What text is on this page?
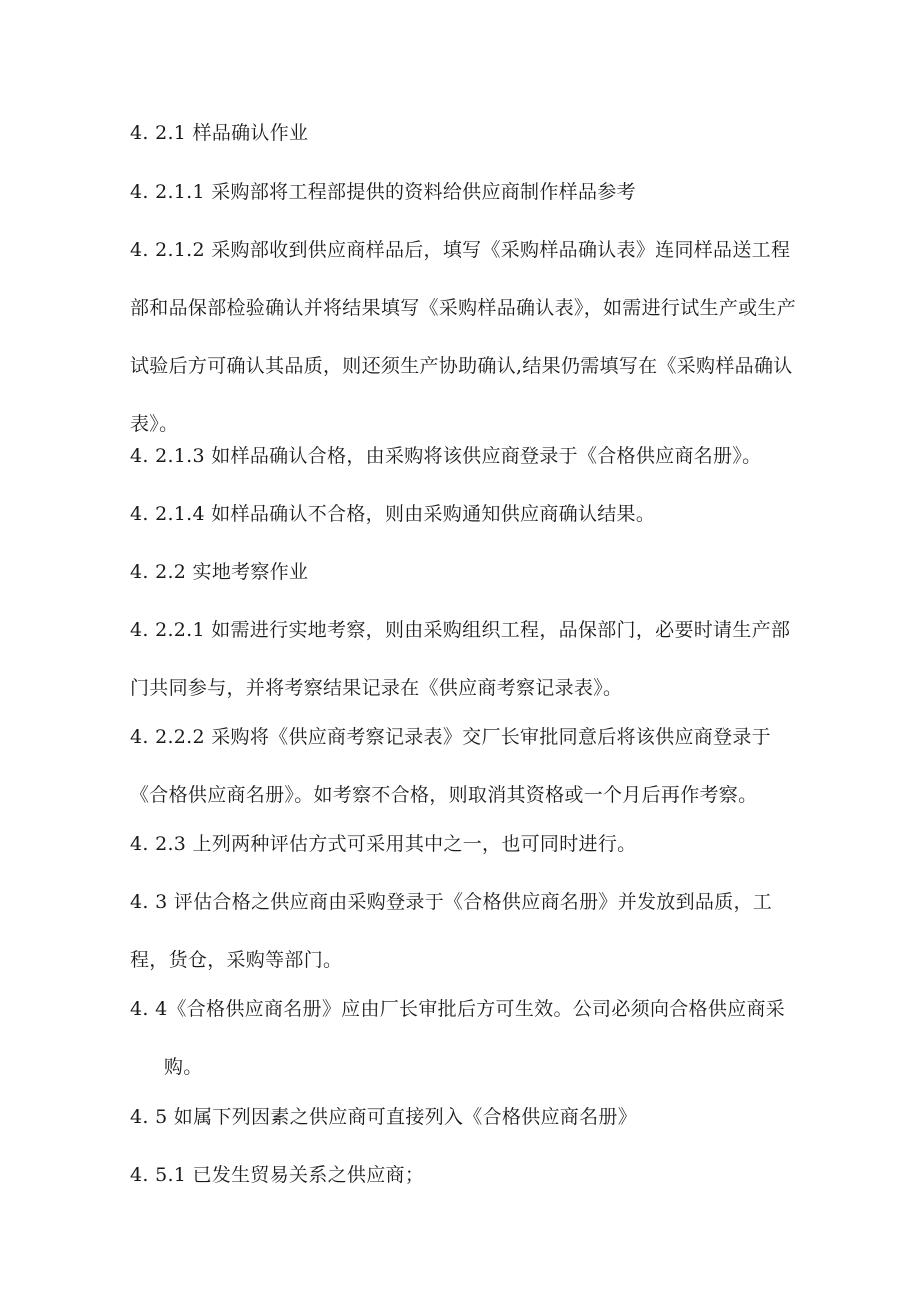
4. 2.1 样品确认作业
4. 2.1.1 采购部将工程部提供的资料给供应商制作样品参考
4. 2.1.2 采购部收到供应商样品后，填写《采购样品确认表》连同样品送工程
部和品保部检验确认并将结果填写《采购样品确认表》，如需进行试生产或生产
试验后方可确认其品质，则还须生产协助确认,结果仍需填写在《采购样品确认
表》。
4. 2.1.3 如样品确认合格，由采购将该供应商登录于《合格供应商名册》。
4. 2.1.4 如样品确认不合格，则由采购通知供应商确认结果。
4. 2.2 实地考察作业
4. 2.2.1 如需进行实地考察，则由采购组织工程，品保部门，必要时请生产部
门共同参与，并将考察结果记录在《供应商考察记录表》。
4. 2.2.2 采购将《供应商考察记录表》交厂长审批同意后将该供应商登录于
《合格供应商名册》。如考察不合格，则取消其资格或一个月后再作考察。
4. 2.3 上列两种评估方式可采用其中之一，也可同时进行。
4. 3 评估合格之供应商由采购登录于《合格供应商名册》并发放到品质，工
程，货仓，采购等部门。
4. 4《合格供应商名册》应由厂长审批后方可生效。公司必须向合格供应商采
购。
4. 5 如属下列因素之供应商可直接列入《合格供应商名册》
4. 5.1 已发生贸易关系之供应商；
